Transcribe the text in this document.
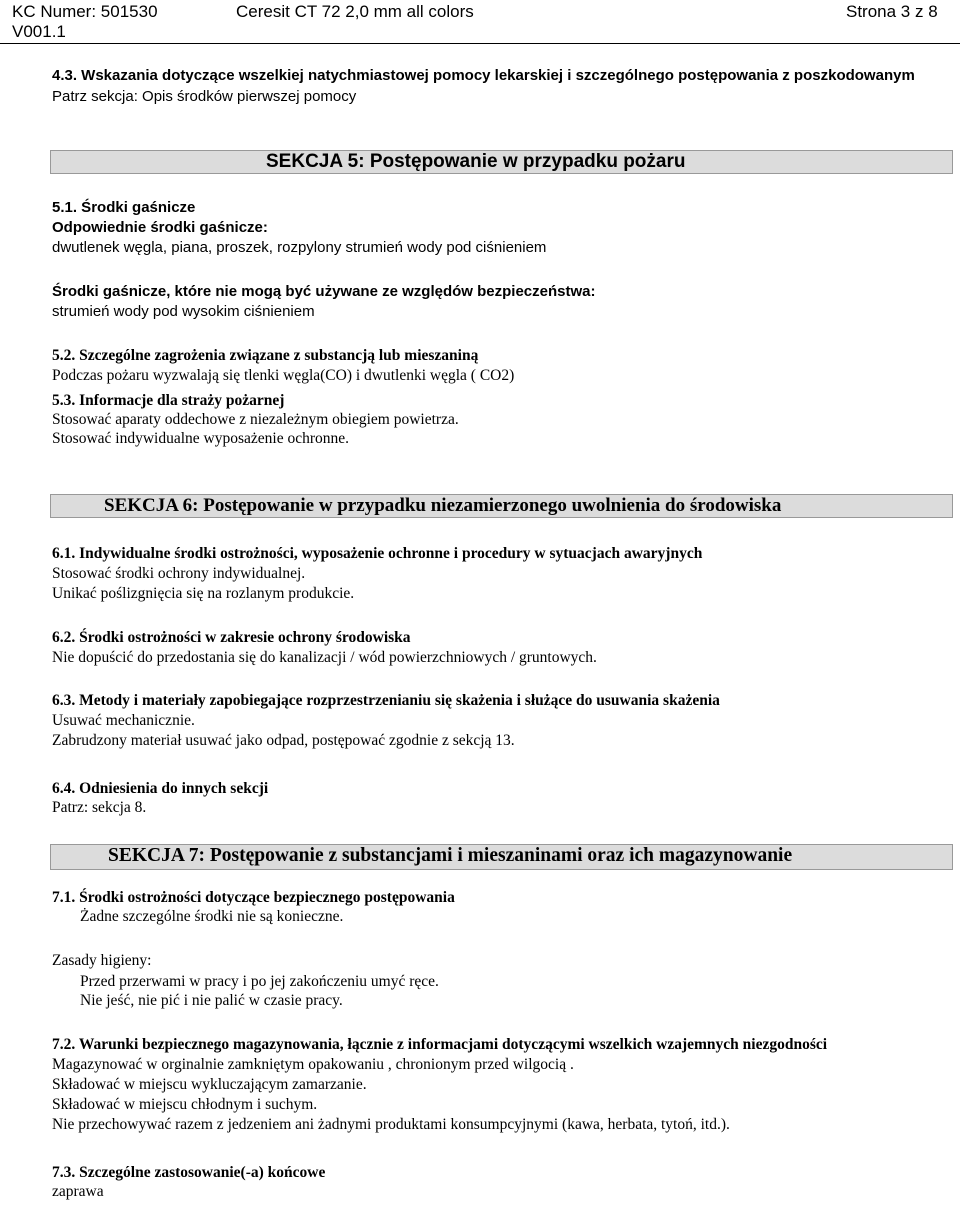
KC Numer: 501530	Ceresit CT 72 2,0 mm all colors	Strona 3 z 8
V001.1
4.3. Wskazania dotyczące wszelkiej natychmiastowej pomocy lekarskiej i szczególnego postępowania z poszkodowanym
Patrz sekcja: Opis środków pierwszej pomocy
SEKCJA 5: Postępowanie w przypadku pożaru
5.1. Środki gaśnicze
Odpowiednie środki gaśnicze:
dwutlenek węgla, piana, proszek, rozpylony strumień wody pod ciśnieniem
Środki gaśnicze, które nie mogą być używane ze względów bezpieczeństwa:
strumień wody pod wysokim ciśnieniem
5.2. Szczególne zagrożenia związane z substancją lub mieszaniną
Podczas pożaru wyzwalają się tlenki węgla(CO) i dwutlenki węgla ( CO2)
5.3. Informacje dla straży pożarnej
Stosować aparaty oddechowe z niezależnym obiegiem powietrza.
Stosować indywidualne wyposażenie ochronne.
SEKCJA 6: Postępowanie w przypadku niezamierzonego uwolnienia do środowiska
6.1. Indywidualne środki ostrożności, wyposażenie ochronne i procedury w sytuacjach awaryjnych
Stosować środki ochrony indywidualnej.
Unikać poślizgnięcia się na rozlanym produkcie.
6.2. Środki ostrożności w zakresie ochrony środowiska
Nie dopuścić do przedostania się do kanalizacji / wód powierzchniowych / gruntowych.
6.3. Metody i materiały zapobiegające rozprzestrzenianiu się skażenia i służące do usuwania skażenia
Usuwać mechanicznie.
Zabrudzony materiał usuwać jako odpad, postępować zgodnie z sekcją 13.
6.4. Odniesienia do innych sekcji
Patrz: sekcja 8.
SEKCJA 7: Postępowanie z substancjami i mieszaninami oraz ich magazynowanie
7.1. Środki ostrożności dotyczące bezpiecznego postępowania
Żadne szczególne środki nie są konieczne.
Zasady higieny:
Przed przerwami w pracy i po jej zakończeniu umyć ręce.
Nie jeść, nie pić i nie palić w czasie pracy.
7.2. Warunki bezpiecznego magazynowania, łącznie z informacjami dotyczącymi wszelkich wzajemnych niezgodności
Magazynować w orginalnie zamkniętym opakowaniu , chronionym przed wilgocią .
Składować w miejscu wykluczającym zamarzanie.
Składować w miejscu chłodnym i suchym.
Nie przechowywać razem z jedzeniem ani żadnymi produktami konsumpcyjnymi (kawa, herbata, tytoń, itd.).
7.3. Szczególne zastosowanie(-a) końcowe
zaprawa
